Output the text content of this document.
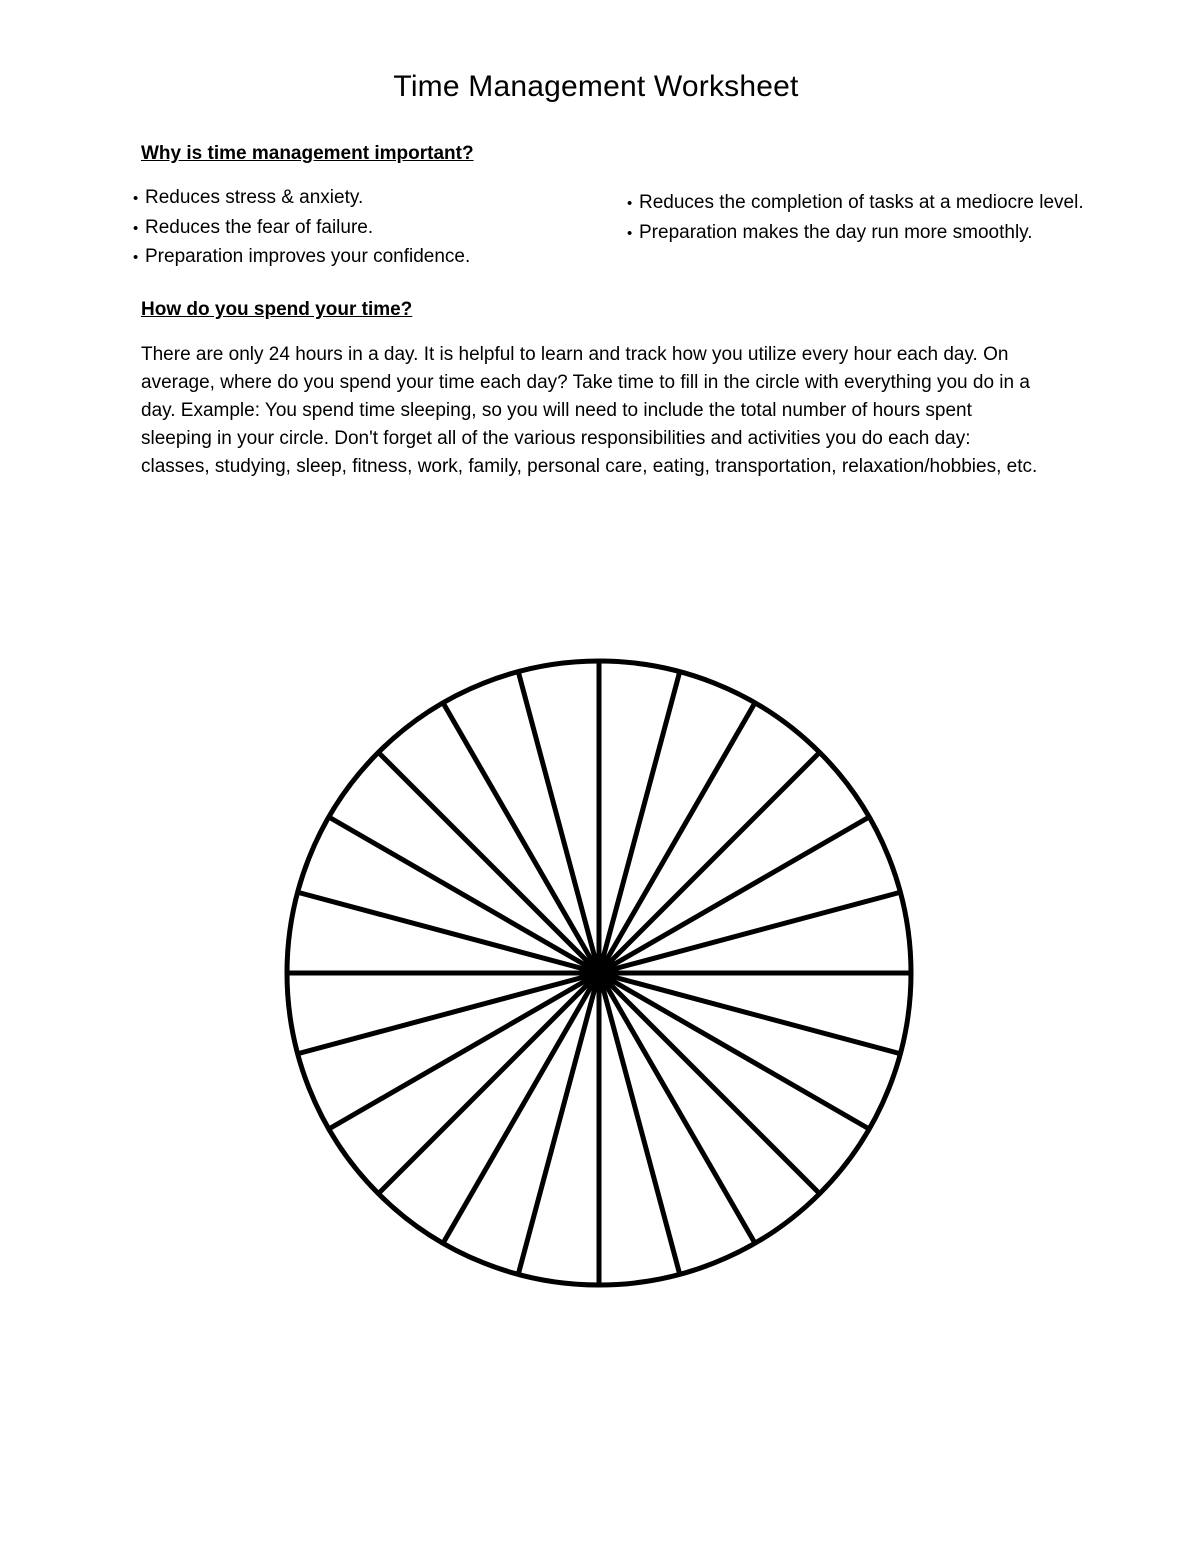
Time Management Worksheet
Why is time management important?
• Reduces stress & anxiety.
• Reduces the fear of failure.
• Preparation improves your confidence.
• Reduces the completion of tasks at a mediocre level.
• Preparation makes the day run more smoothly.
How do you spend your time?
There are only 24 hours in a day. It is helpful to learn and track how you utilize every hour each day. On average, where do you spend your time each day? Take time to fill in the circle with everything you do in a day. Example: You spend time sleeping, so you will need to include the total number of hours spent sleeping in your circle. Don't forget all of the various responsibilities and activities you do each day: classes, studying, sleep, fitness, work, family, personal care, eating, transportation, relaxation/hobbies, etc.
